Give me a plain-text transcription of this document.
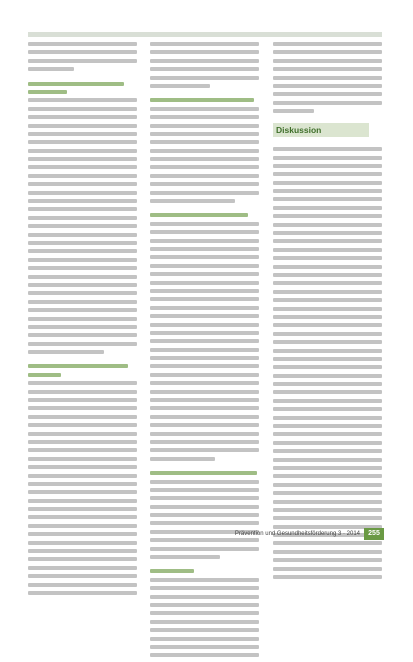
Diskussion
Prävention und Gesundheitsförderung 3 · 2014	255
